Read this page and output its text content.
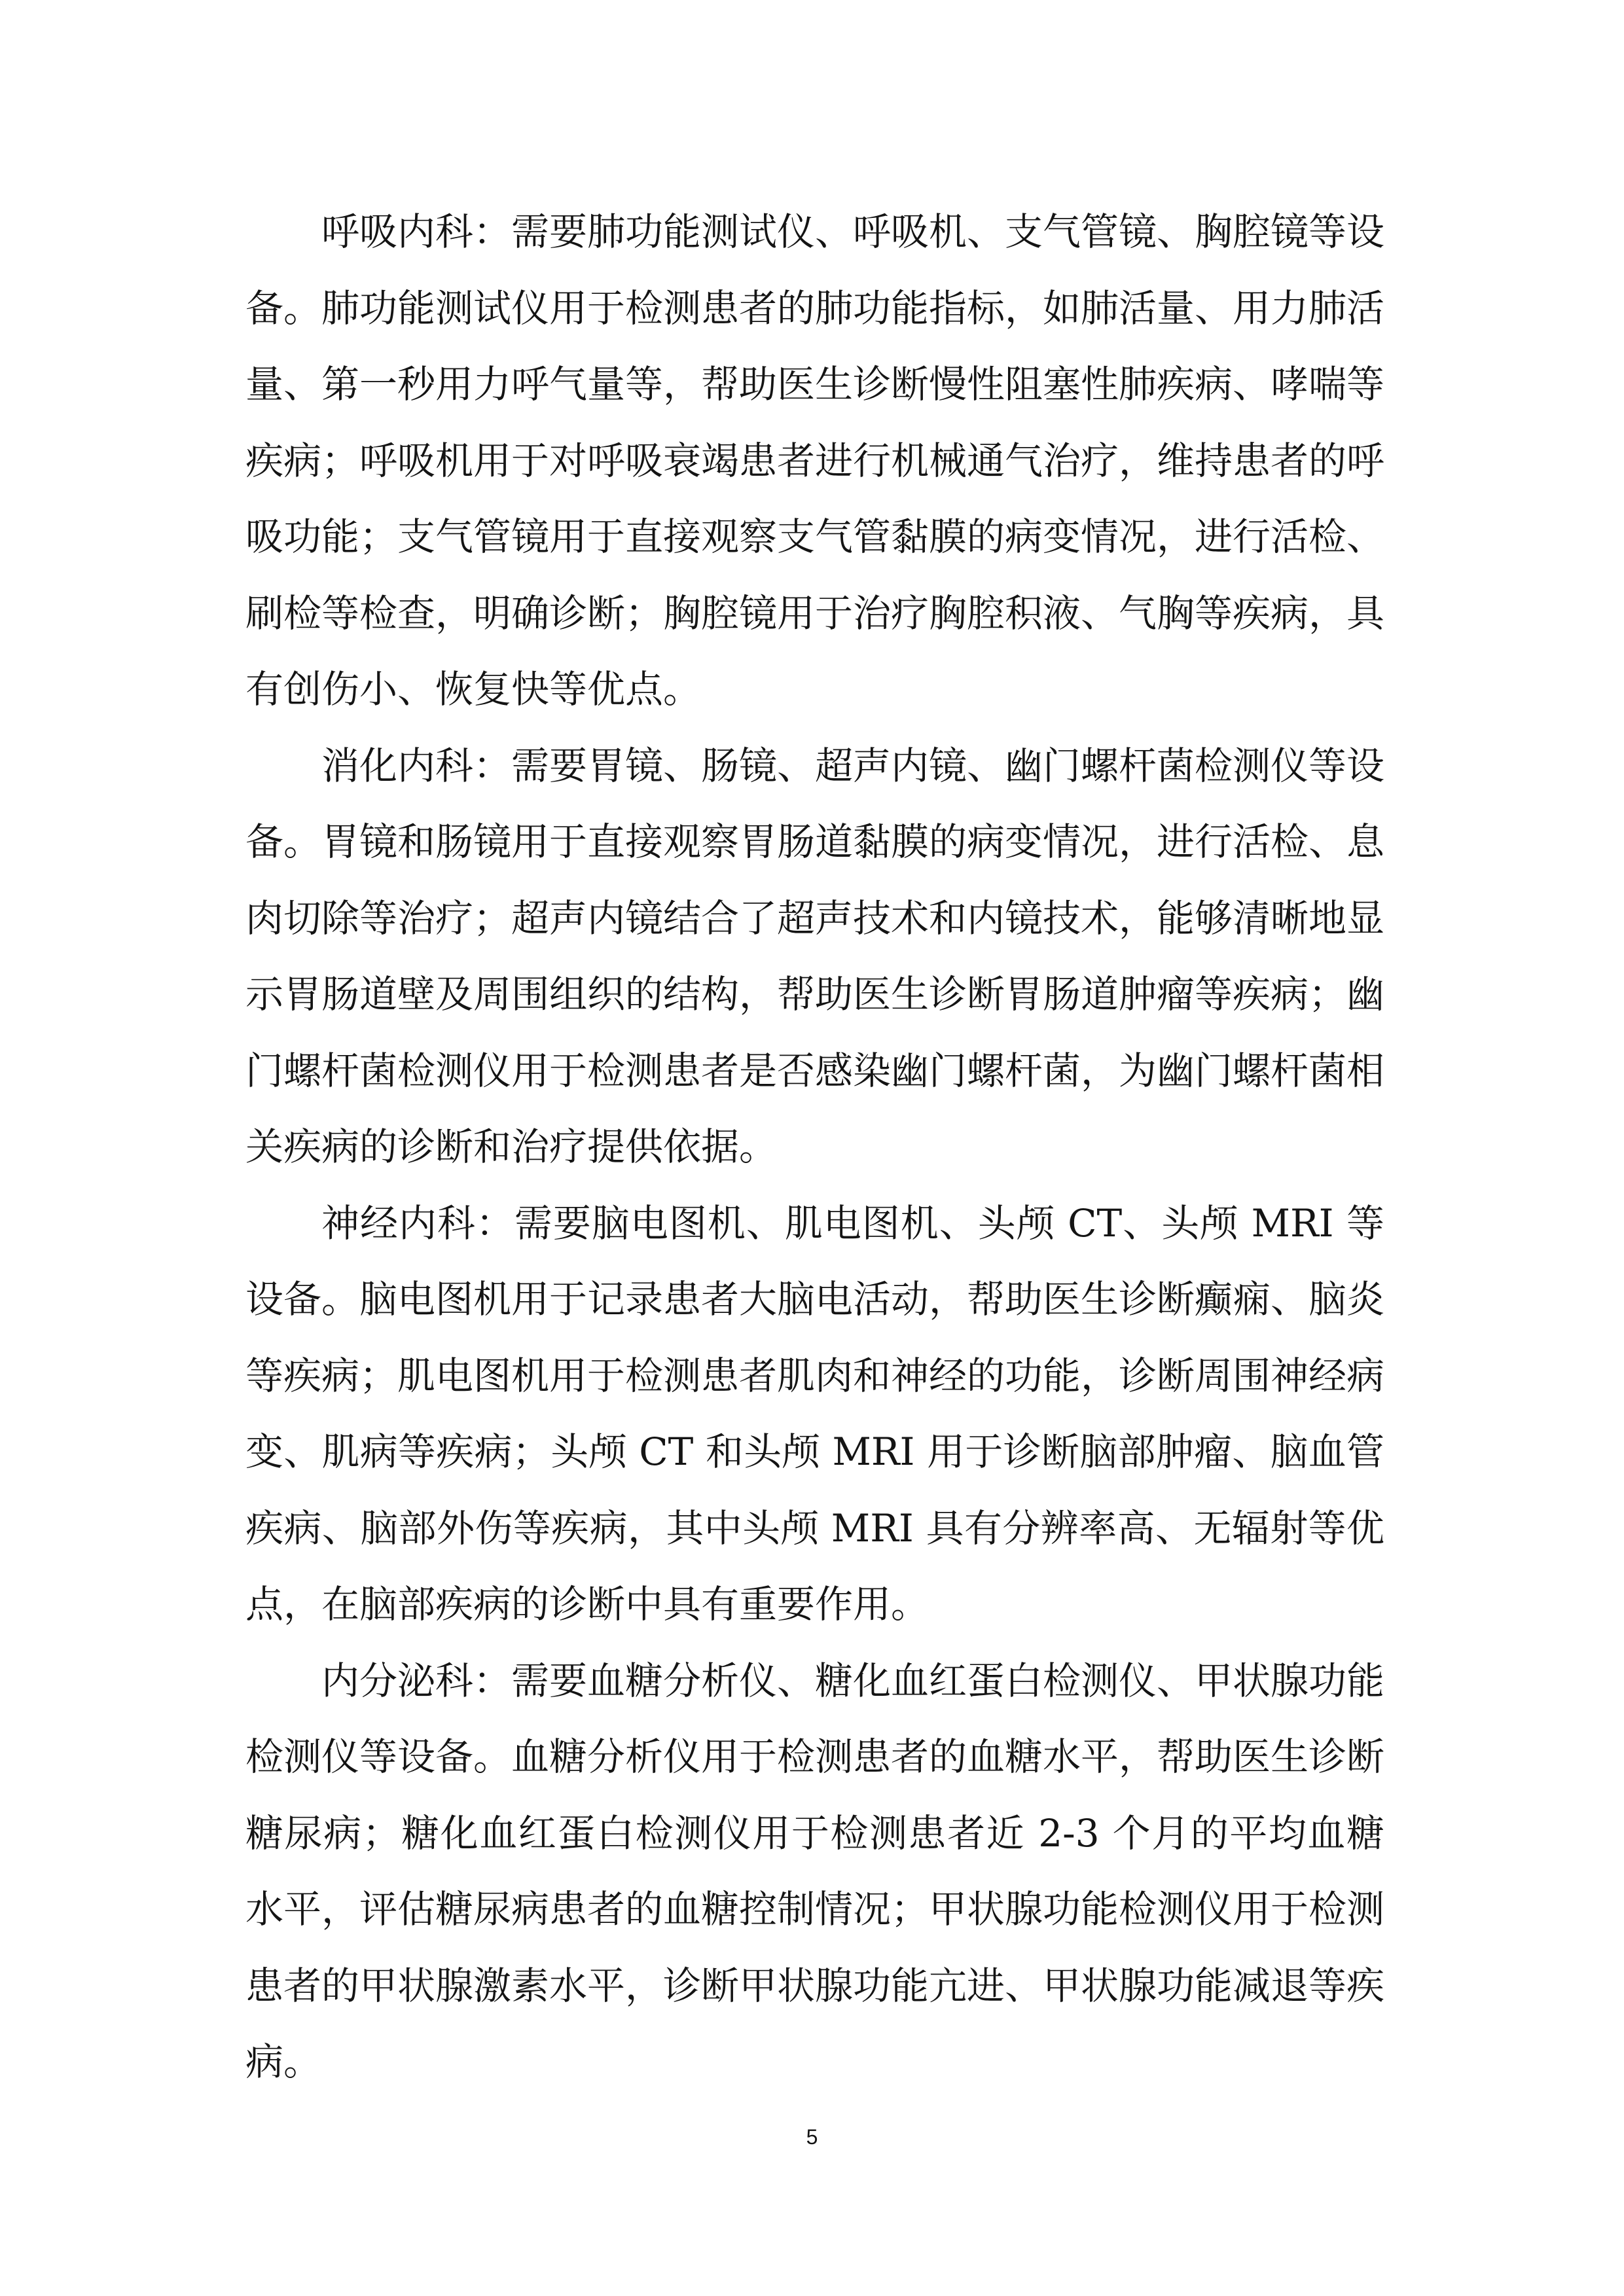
呼吸内科：需要肺功能测试仪、呼吸机、支气管镜、胸腔镜等设备。肺功能测试仪用于检测患者的肺功能指标，如肺活量、用力肺活量、第一秒用力呼气量等，帮助医生诊断慢性阻塞性肺疾病、哮喘等疾病；呼吸机用于对呼吸衰竭患者进行机械通气治疗，维持患者的呼吸功能；支气管镜用于直接观察支气管黏膜的病变情况，进行活检、刷检等检查，明确诊断；胸腔镜用于治疗胸腔积液、气胸等疾病，具有创伤小、恢复快等优点。

消化内科：需要胃镜、肠镜、超声内镜、幽门螺杆菌检测仪等设备。胃镜和肠镜用于直接观察胃肠道黏膜的病变情况，进行活检、息肉切除等治疗；超声内镜结合了超声技术和内镜技术，能够清晰地显示胃肠道壁及周围组织的结构，帮助医生诊断胃肠道肿瘤等疾病；幽门螺杆菌检测仪用于检测患者是否感染幽门螺杆菌，为幽门螺杆菌相关疾病的诊断和治疗提供依据。

神经内科：需要脑电图机、肌电图机、头颅 CT、头颅 MRI 等设备。脑电图机用于记录患者大脑电活动，帮助医生诊断癫痫、脑炎等疾病；肌电图机用于检测患者肌肉和神经的功能，诊断周围神经病变、肌病等疾病；头颅 CT 和头颅 MRI 用于诊断脑部肿瘤、脑血管疾病、脑部外伤等疾病，其中头颅 MRI 具有分辨率高、无辐射等优点，在脑部疾病的诊断中具有重要作用。

内分泌科：需要血糖分析仪、糖化血红蛋白检测仪、甲状腺功能检测仪等设备。血糖分析仪用于检测患者的血糖水平，帮助医生诊断糖尿病；糖化血红蛋白检测仪用于检测患者近 2-3 个月的平均血糖水平，评估糖尿病患者的血糖控制情况；甲状腺功能检测仪用于检测患者的甲状腺激素水平，诊断甲状腺功能亢进、甲状腺功能减退等疾病。

5
